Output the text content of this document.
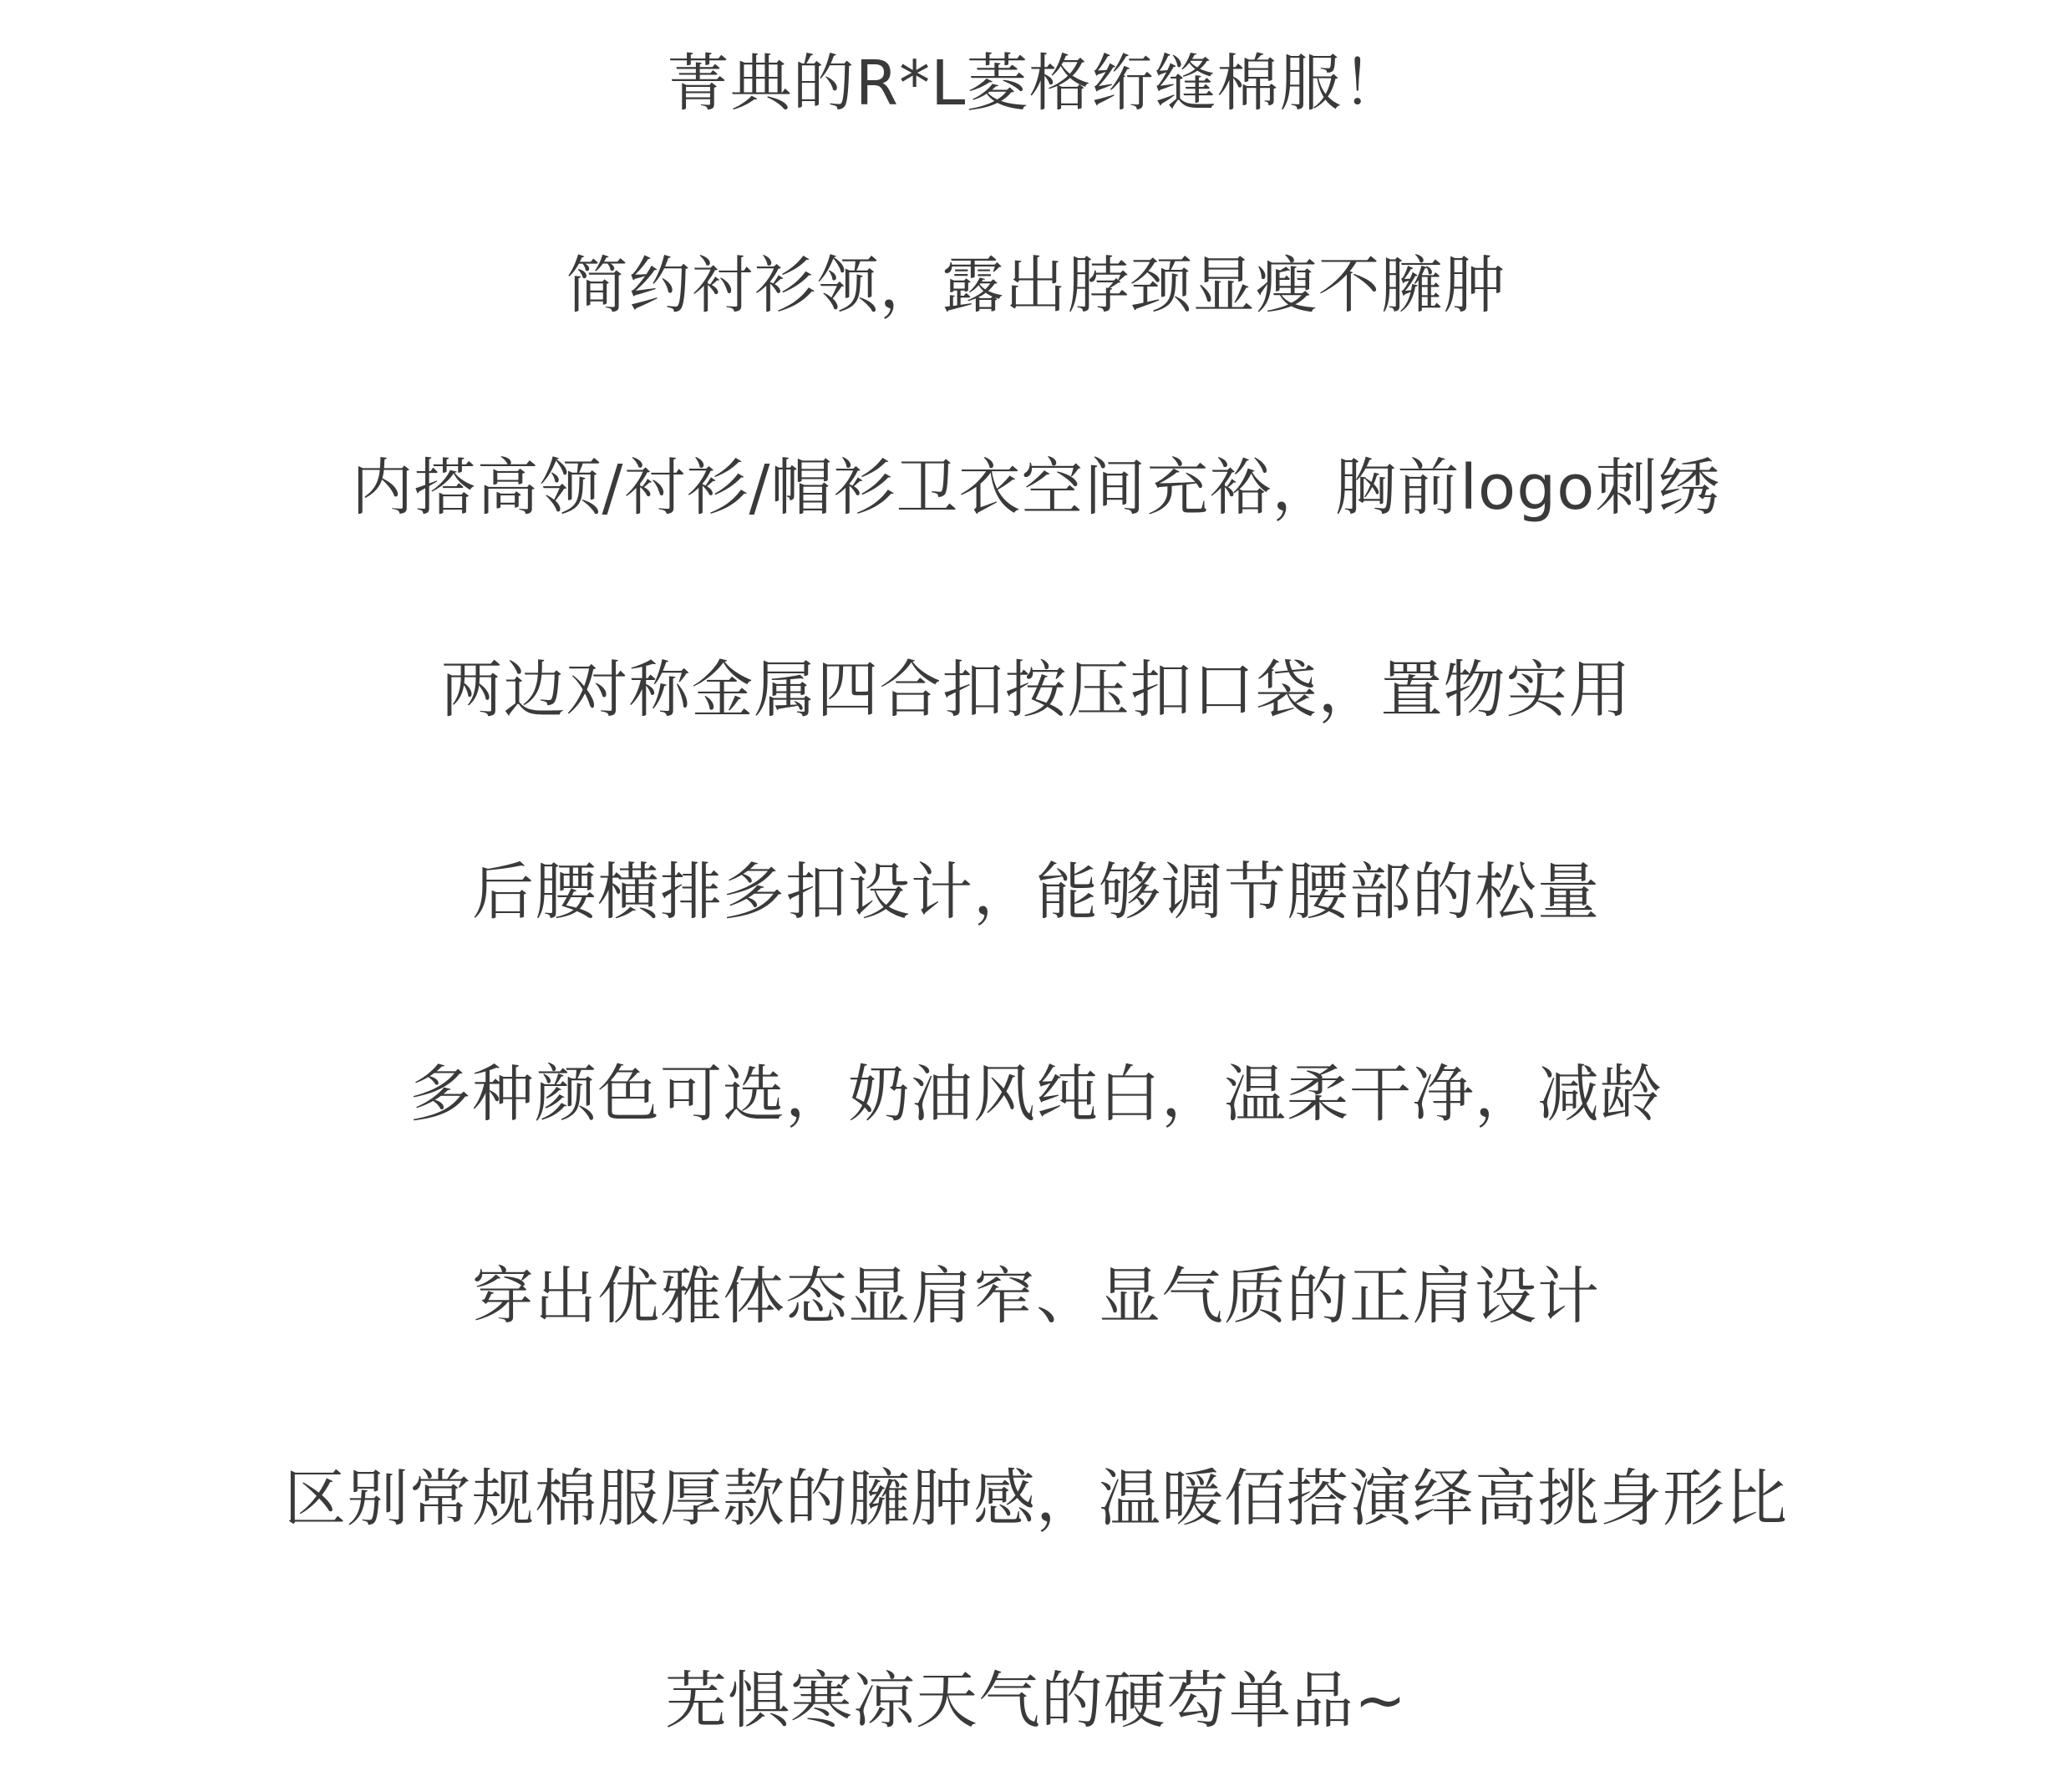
菁典的R*L菱格绗缝棉服！
简约衬衫领，露出脖颈显瘦不臃肿
内搭高领/衬衫/帽衫卫衣空间充裕，胸前logo刺绣
两边对称金属四合扣按压扣口袋，置物实用
后腰横排多扣设计，能够调节腰部的松量
多种颜色可选，奶油风纯白，温柔干净，减龄
穿出优雅体态显肩窄、显气质的正肩设计
区别常规棉服厚款的臃肿感，温暖佰搭演绎高挑身形比
芜惧寒凉天气的硬芶单品~
